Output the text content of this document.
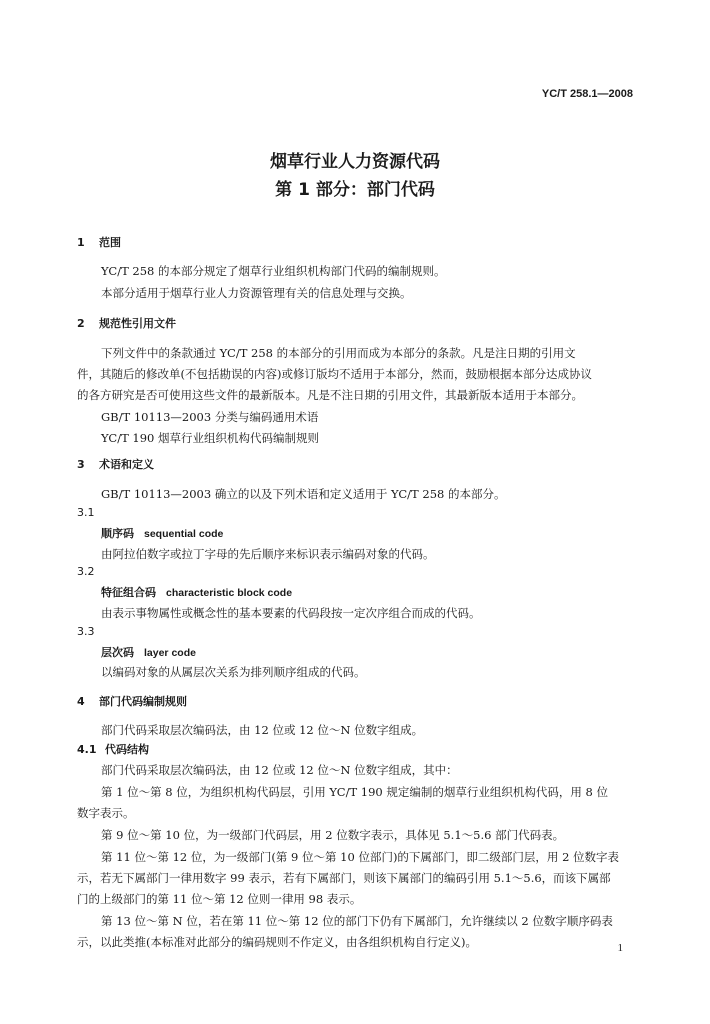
YC/T 258.1—2008
烟草行业人力资源代码
第 1 部分：部门代码
1 范围
YC/T 258 的本部分规定了烟草行业组织机构部门代码的编制规则。
本部分适用于烟草行业人力资源管理有关的信息处理与交换。
2 规范性引用文件
下列文件中的条款通过 YC/T 258 的本部分的引用而成为本部分的条款。凡是注日期的引用文
件，其随后的修改单(不包括勘误的内容)或修订版均不适用于本部分，然而，鼓励根据本部分达成协议
的各方研究是否可使用这些文件的最新版本。凡是不注日期的引用文件，其最新版本适用于本部分。
GB/T 10113—2003 分类与编码通用术语
YC/T 190 烟草行业组织机构代码编制规则
3 术语和定义
GB/T 10113—2003 确立的以及下列术语和定义适用于 YC/T 258 的本部分。
3.1
顺序码 sequential code
由阿拉伯数字或拉丁字母的先后顺序来标识表示编码对象的代码。
3.2
特征组合码 characteristic block code
由表示事物属性或概念性的基本要素的代码段按一定次序组合而成的代码。
3.3
层次码 layer code
以编码对象的从属层次关系为排列顺序组成的代码。
4 部门代码编制规则
部门代码采取层次编码法，由 12 位或 12 位～N 位数字组成。
4.1 代码结构
部门代码采取层次编码法，由 12 位或 12 位～N 位数字组成，其中：
第 1 位～第 8 位，为组织机构代码层，引用 YC/T 190 规定编制的烟草行业组织机构代码，用 8 位
数字表示。
第 9 位～第 10 位，为一级部门代码层，用 2 位数字表示，具体见 5.1～5.6 部门代码表。
第 11 位～第 12 位，为一级部门(第 9 位～第 10 位部门)的下属部门，即二级部门层，用 2 位数字表
示，若无下属部门一律用数字 99 表示，若有下属部门，则该下属部门的编码引用 5.1～5.6，而该下属部
门的上级部门的第 11 位～第 12 位则一律用 98 表示。
第 13 位～第 N 位，若在第 11 位～第 12 位的部门下仍有下属部门，允许继续以 2 位数字顺序码表
示，以此类推(本标准对此部分的编码规则不作定义，由各组织机构自行定义)。	1
